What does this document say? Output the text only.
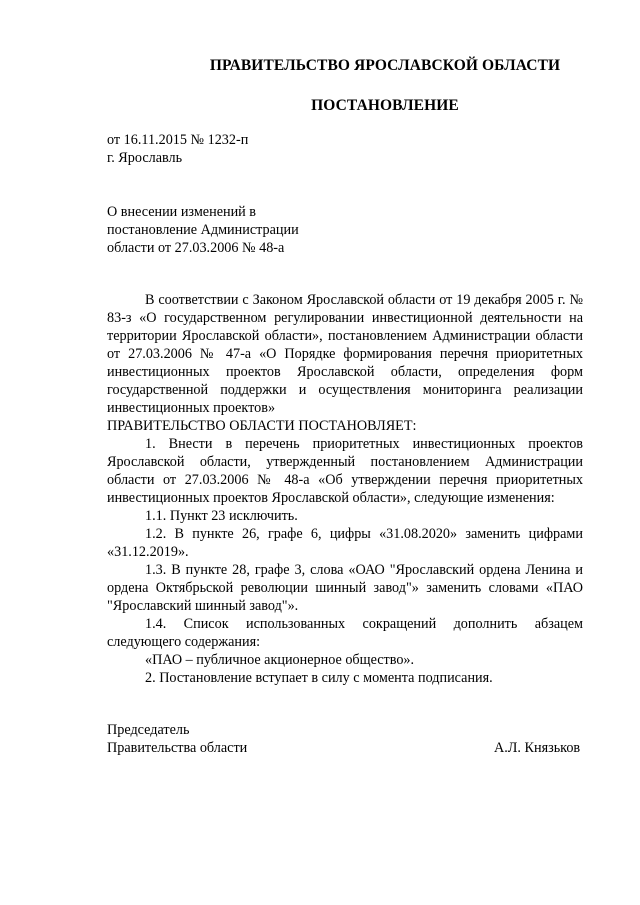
ПРАВИТЕЛЬСТВО ЯРОСЛАВСКОЙ ОБЛАСТИ
ПОСТАНОВЛЕНИЕ
от 16.11.2015 № 1232-п
г. Ярославль
О внесении изменений в
постановление Администрации
области от 27.03.2006 № 48-а

В соответствии с Законом Ярославской области от 19 декабря 2005 г. № 83-з «О государственном регулировании инвестиционной деятельности на территории Ярославской области», постановлением Администрации области от 27.03.2006 № 47-а «О Порядке формирования перечня приоритетных инвестиционных проектов Ярославской области, определения форм государственной поддержки и осуществления мониторинга реализации инвестиционных проектов»

ПРАВИТЕЛЬСТВО ОБЛАСТИ ПОСТАНОВЛЯЕТ:

1. Внести в перечень приоритетных инвестиционных проектов Ярославской области, утвержденный постановлением Администрации области от 27.03.2006 № 48-а «Об утверждении перечня приоритетных инвестиционных проектов Ярославской области», следующие изменения:

1.1. Пункт 23 исключить.

1.2. В пункте 26, графе 6, цифры «31.08.2020» заменить цифрами «31.12.2019».

1.3. В пункте 28, графе 3, слова «ОАО "Ярославский ордена Ленина и ордена Октябрьской революции шинный завод"» заменить словами «ПАО "Ярославский шинный завод"».

1.4. Список использованных сокращений дополнить абзацем следующего содержания:

«ПАО – публичное акционерное общество».

2. Постановление вступает в силу с момента подписания.

Председатель
Правительства области	А.Л. Князьков
